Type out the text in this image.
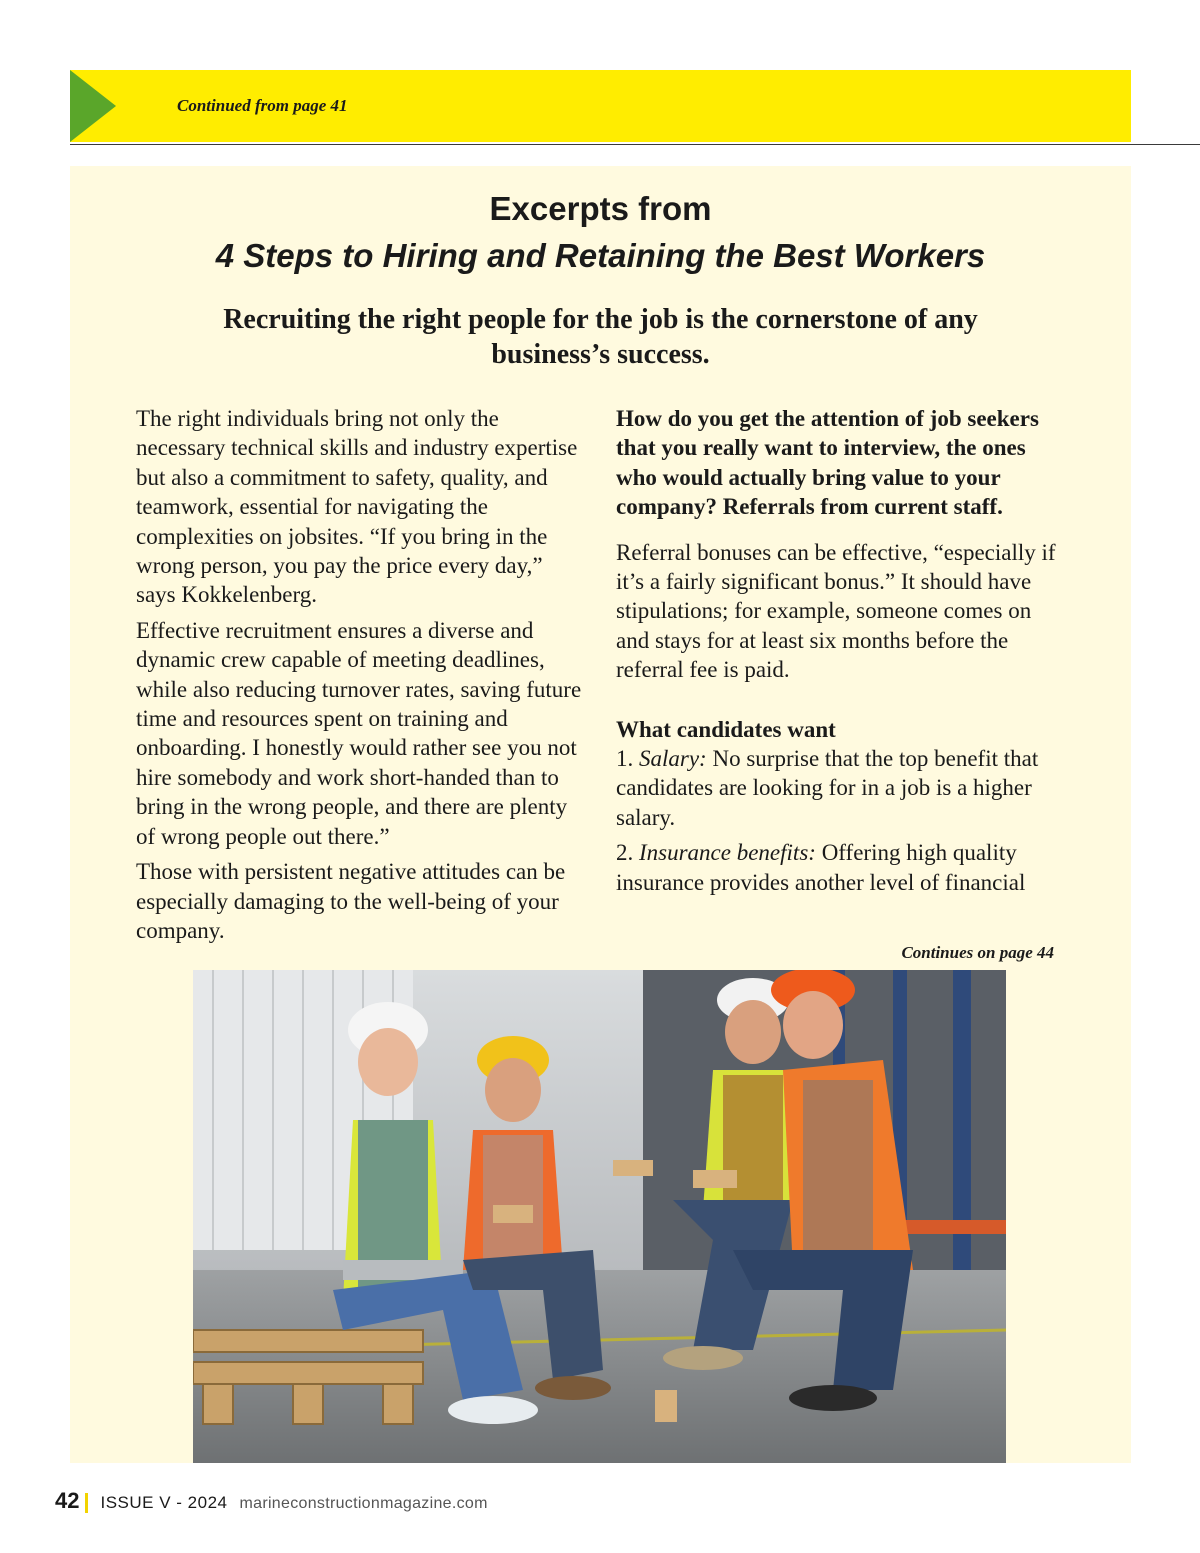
Continued from page 41
Excerpts from
4 Steps to Hiring and Retaining the Best Workers
Recruiting the right people for the job is the cornerstone of any business’s success.

The right individuals bring not only the necessary technical skills and industry expertise but also a commitment to safety, quality, and teamwork, essential for navigating the complexities on jobsites. “If you bring in the wrong person, you pay the price every day,” says Kokkelenberg.

Effective recruitment ensures a diverse and dynamic crew capable of meeting deadlines, while also reducing turnover rates, saving future time and resources spent on training and onboarding. I honestly would rather see you not hire somebody and work short-handed than to bring in the wrong people, and there are plenty of wrong people out there.”

Those with persistent negative attitudes can be especially damaging to the well-being of your company.

How do you get the attention of job seekers that you really want to interview, the ones who would actually bring value to your company? Referrals from current staff.

Referral bonuses can be effective, “especially if it’s a fairly significant bonus.” It should have stipulations; for example, someone comes on and stays for at least six months before the referral fee is paid.

What candidates want

1. Salary: No surprise that the top benefit that candidates are looking for in a job is a higher salary.

2. Insurance benefits: Offering high quality insurance provides another level of financial

Continues on page 44
42 ISSUE V - 2024 marineconstructionmagazine.com
